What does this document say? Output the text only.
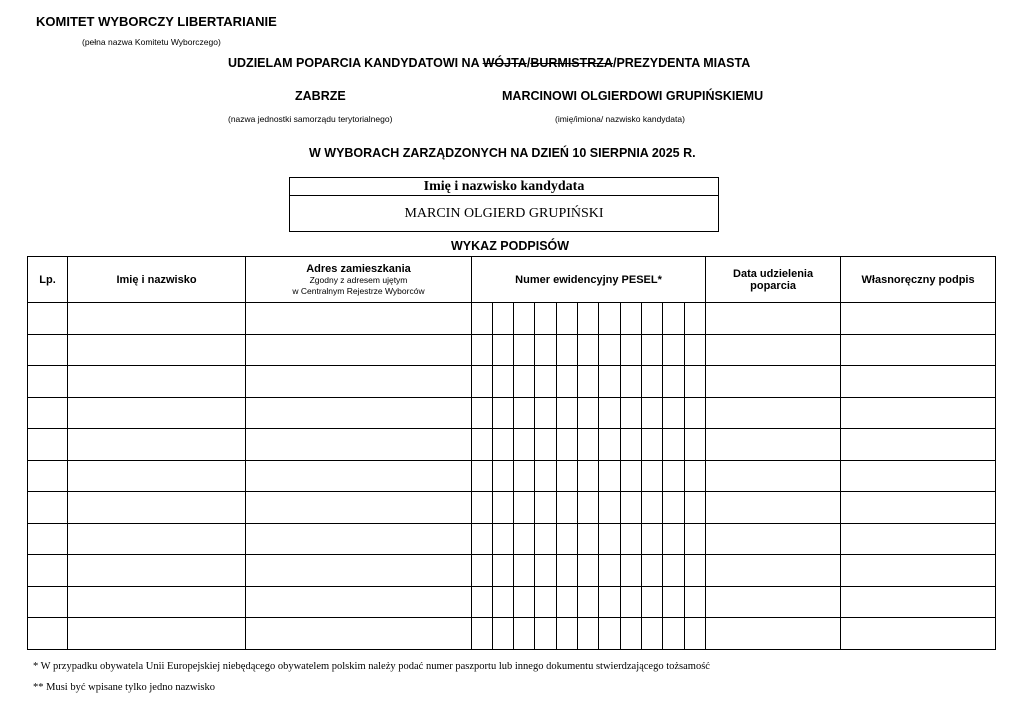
KOMITET WYBORCZY LIBERTARIANIE
(pełna nazwa Komitetu Wyborczego)
UDZIELAM POPARCIA KANDYDATOWI NA WÓJTA/BURMISTRZA/PREZYDENTA MIASTA
ZABRZE
(nazwa jednostki samorządu terytorialnego)
MARCINOWI OLGIERDOWI GRUPIŃSKIEMU
(imię/imiona/ nazwisko kandydata)
W WYBORACH ZARZĄDZONYCH NA DZIEŃ 10 SIERPNIA 2025 R.
Imię i nazwisko kandydata
MARCIN OLGIERD GRUPIŃSKI
WYKAZ PODPISÓW
Lp.	Imię i nazwisko	Adres zamieszkania
Zgodny z adresem ujętym
w Centralnym Rejestrze Wyborców	Numer ewidencyjny PESEL*											Data udzielenia
poparcia	Własnoręczny podpis

* W przypadku obywatela Unii Europejskiej niebędącego obywatelem polskim należy podać numer paszportu lub innego dokumentu stwierdzającego tożsamość
** Musi być wpisane tylko jedno nazwisko
